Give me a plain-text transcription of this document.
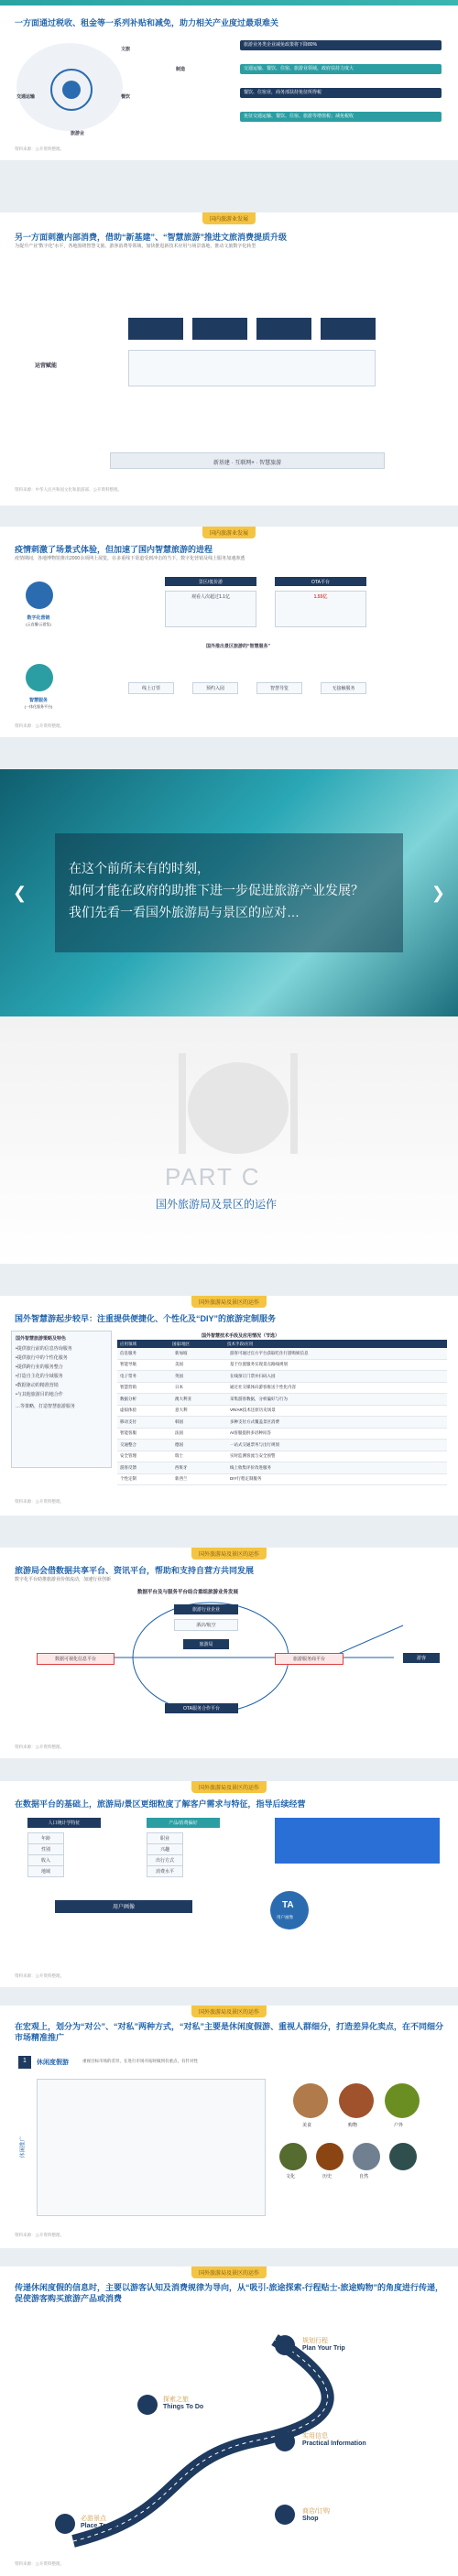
一方面通过税收、租金等一系列补贴和减免，助力相关产业度过最艰难关
文旅
交通运输	餐饮
旅游业
制造
旅游业务类企业减免政策将下降80%
交通运输、餐饮、住宿、旅游业领域，政府扶持力度大
餐饮、住宿业，商务部扶持免征所得税
免征交通运输、餐饮、住宿、旅游等增值税；减免税收
资料来源：公开资料整理。
国内旅游业发展
另一方面刺激内部消费，借助“新基建”、“智慧旅游”推进文旅消费提质升级
为提升产业“数字化”水平，各地围绕智慧文旅、游客消费等领域，加快推进新技术应用与场景落地，推动文旅数字化转型
运营赋能
新基建 · 互联网+ · 智慧旅游
资料来源：中华人民共和国文化和旅游部、公开资料整理。
国内旅游业发展
疫情刺激了场景式体验，但加速了国内智慧旅游的进程
疫情期间，各地博物馆推出2000余项网上展览，在多重线下渠道受到冲击的当下，数字化营销及线上服务加速渗透
数字化营销
(云直播/云游览)
智慧服务
(一体化服务平台)
景区/低价游	OTA平台
观看人次超过1.1亿	1.55亿
国外推出景区旅游的“智慧服务”
线上订票	预约入园	智慧导览	无接触服务
资料来源：公开资料整理。
在这个前所未有的时刻，
如何才能在政府的助推下进一步促进旅游产业发展？
我们先看一看国外旅游局与景区的应对…
❮	❯
PART C
国外旅游局及景区的运作
国外旅游局及景区的运作
国外智慧游起步较早：注重提供便捷化、个性化及“DIY”的旅游定制服务
国外智慧旅游策略及特色
•提供旅行前的信息咨询服务
•提供旅行中的个性化服务
•提供跨行业的服务整合
•打造自主化的全域服务
•数据驱动的精准营销
•与其他旅游目的地合作
…等策略，打造智慧旅游服务
国外智慧技术手段及应用情况（节选）
应用领域	国家/地区	技术手段/应用
信息服务	新加坡	游客可通过官方平台获取吃住行游购娱信息
智能导航	美国	基于位置服务实现景点路线规划
电子票务	英国	在线预订门票并扫码入园
智慧营销	日本	通过社交媒体向游客推送个性化内容
数据分析	澳大利亚	采集游客数据，分析偏好与行为
虚拟体验	意大利	VR/AR技术还原历史场景
移动支付	韩国	多种支付方式覆盖景区消费
智能客服	法国	AI客服提供多语种问答
交通整合	德国	一站式交通票务与出行规划
安全管理	瑞士	实时监测客流与安全预警
游客反馈	西班牙	线上收集评价改进服务
个性定制	新西兰	DIY行程定制服务
资料来源：公开资料整理。
国外旅游局及景区的运作
旅游局会借数据共享平台、资讯平台，帮助和支持自营方共同发展
数字化平台助推旅游业价值流动，加速行业创新
数据平台及与服务平台结合重组旅游业务发展
旅游行业企业
酒店/航空
旅游局
数据可视化信息平台	旅游服务商平台	游客
OTA服务合作平台
资料来源：公开资料整理。
国外旅游局及景区的运作
在数据平台的基础上，旅游局/景区更细粒度了解客户需求与特征，指导后续经营
人口统计学特征	产品/消费偏好
年龄
性别
收入
地域
职业
兴趣
出行方式
消费水平
用户画像	TA
用户画像
资料来源：公开资料整理。
国外旅游局及景区的运作
在宏观上，划分为“对公”、“对私”两种方式，“对私”主要是休闲度假游、重视人群细分，打造差异化卖点，在不同细分市场精准推广
1	休闲度假游	重视目标市场的差异，在进行市场开拓时做到有重点、有针对性
休闲推广
美食	购物	户外
文化	历史	自然
资料来源：公开资料整理。
国外旅游局及景区的运作
传递休闲度假的信息时，主要以游客认知及消费规律为导向，从“吸引-旅途探索-行程贴士-旅途购物”的角度进行传递，促使游客购买旅游产品或消费
规划行程
Plan Your Trip
探索之旅
Things To Do
实用信息
Practical Information
必游景点
Place To Go
商店/订购
Shop
资料来源：公开资料整理。
